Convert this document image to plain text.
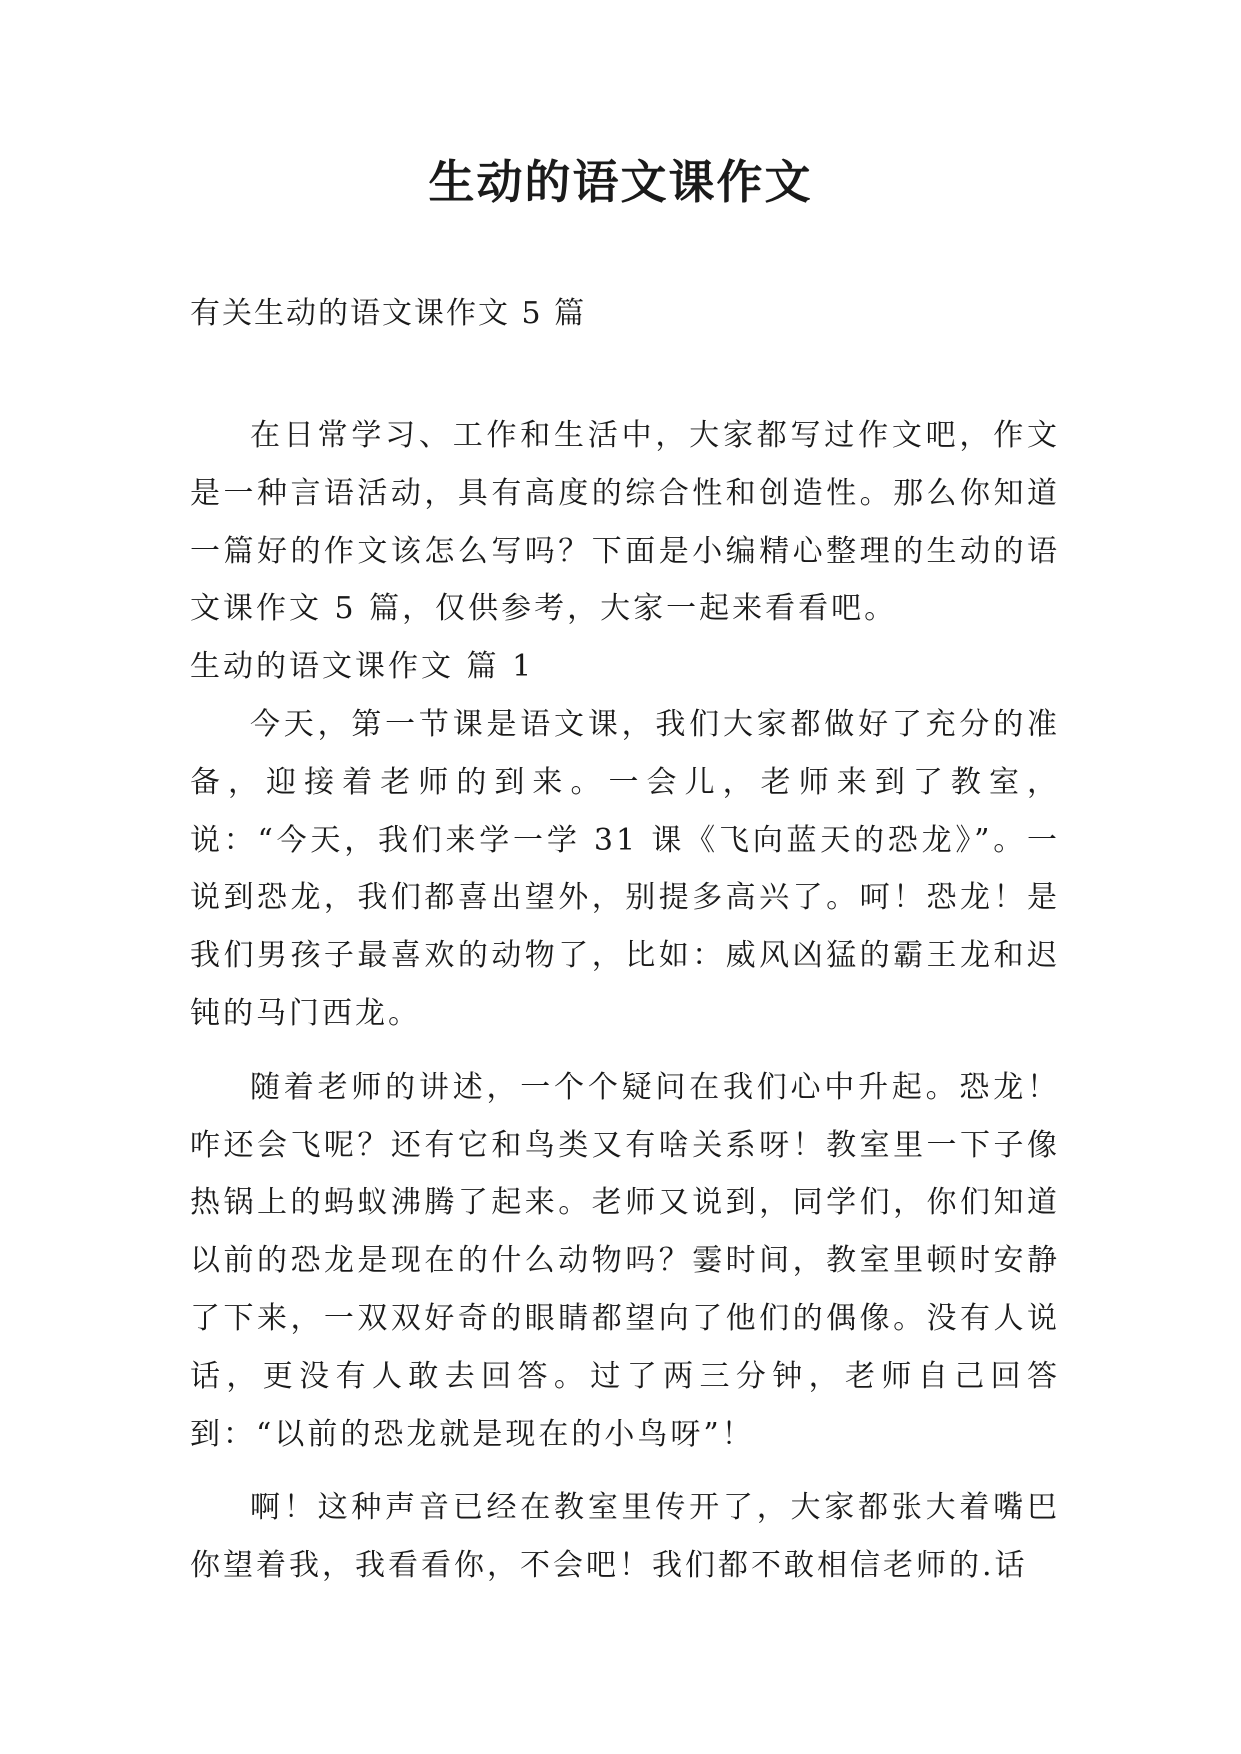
生动的语文课作文
有关生动的语文课作文 5 篇

在日常学习、工作和生活中，大家都写过作文吧，作文是一种言语活动，具有高度的综合性和创造性。那么你知道一篇好的作文该怎么写吗？下面是小编精心整理的生动的语文课作文 5 篇，仅供参考，大家一起来看看吧。

生动的语文课作文 篇 1

今天，第一节课是语文课，我们大家都做好了充分的准备，迎接着老师的到来。一会儿，老师来到了教室，说：“今天，我们来学一学 31 课《飞向蓝天的恐龙》”。一说到恐龙，我们都喜出望外，别提多高兴了。呵！恐龙！是我们男孩子最喜欢的动物了，比如：威风凶猛的霸王龙和迟钝的马门西龙。

随着老师的讲述，一个个疑问在我们心中升起。恐龙！咋还会飞呢？还有它和鸟类又有啥关系呀！教室里一下子像热锅上的蚂蚁沸腾了起来。老师又说到，同学们，你们知道以前的恐龙是现在的什么动物吗？霎时间，教室里顿时安静了下来，一双双好奇的眼睛都望向了他们的偶像。没有人说话，更没有人敢去回答。过了两三分钟，老师自己回答到：“以前的恐龙就是现在的小鸟呀”！

啊！这种声音已经在教室里传开了，大家都张大着嘴巴你望着我，我看看你，不会吧！我们都不敢相信老师的.话
